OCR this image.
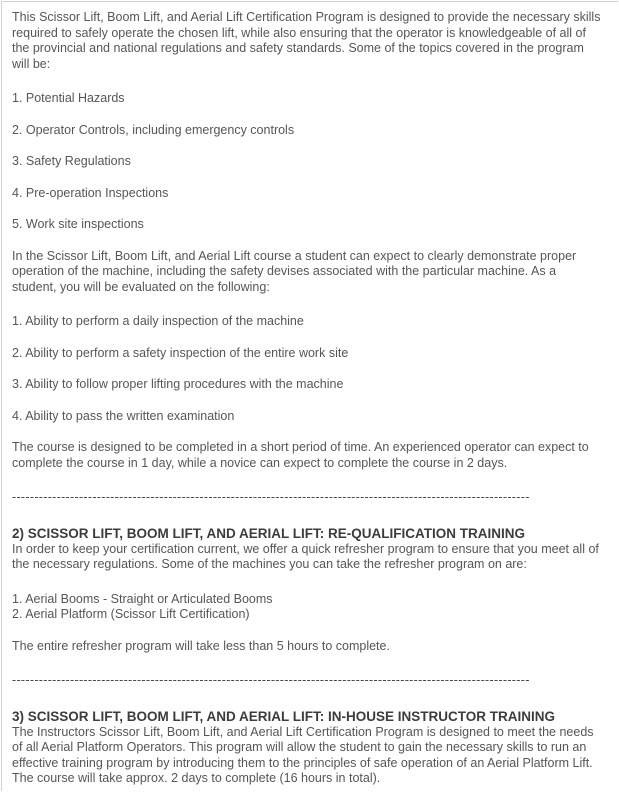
This Scissor Lift, Boom Lift, and Aerial Lift Certification Program is designed to provide the necessary skills required to safely operate the chosen lift, while also ensuring that the operator is knowledgeable of all of the provincial and national regulations and safety standards. Some of the topics covered in the program will be:

1. Potential Hazards
2. Operator Controls, including emergency controls
3. Safety Regulations
4. Pre-operation Inspections
5. Work site inspections

In the Scissor Lift, Boom Lift, and Aerial Lift course a student can expect to clearly demonstrate proper operation of the machine, including the safety devises associated with the particular machine. As a student, you will be evaluated on the following:

1. Ability to perform a daily inspection of the machine
2. Ability to perform a safety inspection of the entire work site
3. Ability to follow proper lifting procedures with the machine
4. Ability to pass the written examination

The course is designed to be completed in a short period of time. An experienced operator can expect to complete the course in 1 day, while a novice can expect to complete the course in 2 days.

--------------------------------------------------------------------------------------------------------------------
2) SCISSOR LIFT, BOOM LIFT, AND AERIAL LIFT: RE-QUALIFICATION TRAINING

In order to keep your certification current, we offer a quick refresher program to ensure that you meet all of the necessary regulations. Some of the machines you can take the refresher program on are:

1. Aerial Booms - Straight or Articulated Booms
2. Aerial Platform (Scissor Lift Certification)

The entire refresher program will take less than 5 hours to complete.

--------------------------------------------------------------------------------------------------------------------
3) SCISSOR LIFT, BOOM LIFT, AND AERIAL LIFT: IN-HOUSE INSTRUCTOR TRAINING

The Instructors Scissor Lift, Boom Lift, and Aerial Lift Certification Program is designed to meet the needs of all Aerial Platform Operators. This program will allow the student to gain the necessary skills to run an effective training program by introducing them to the principles of safe operation of an Aerial Platform Lift. The course will take approx. 2 days to complete (16 hours in total).
